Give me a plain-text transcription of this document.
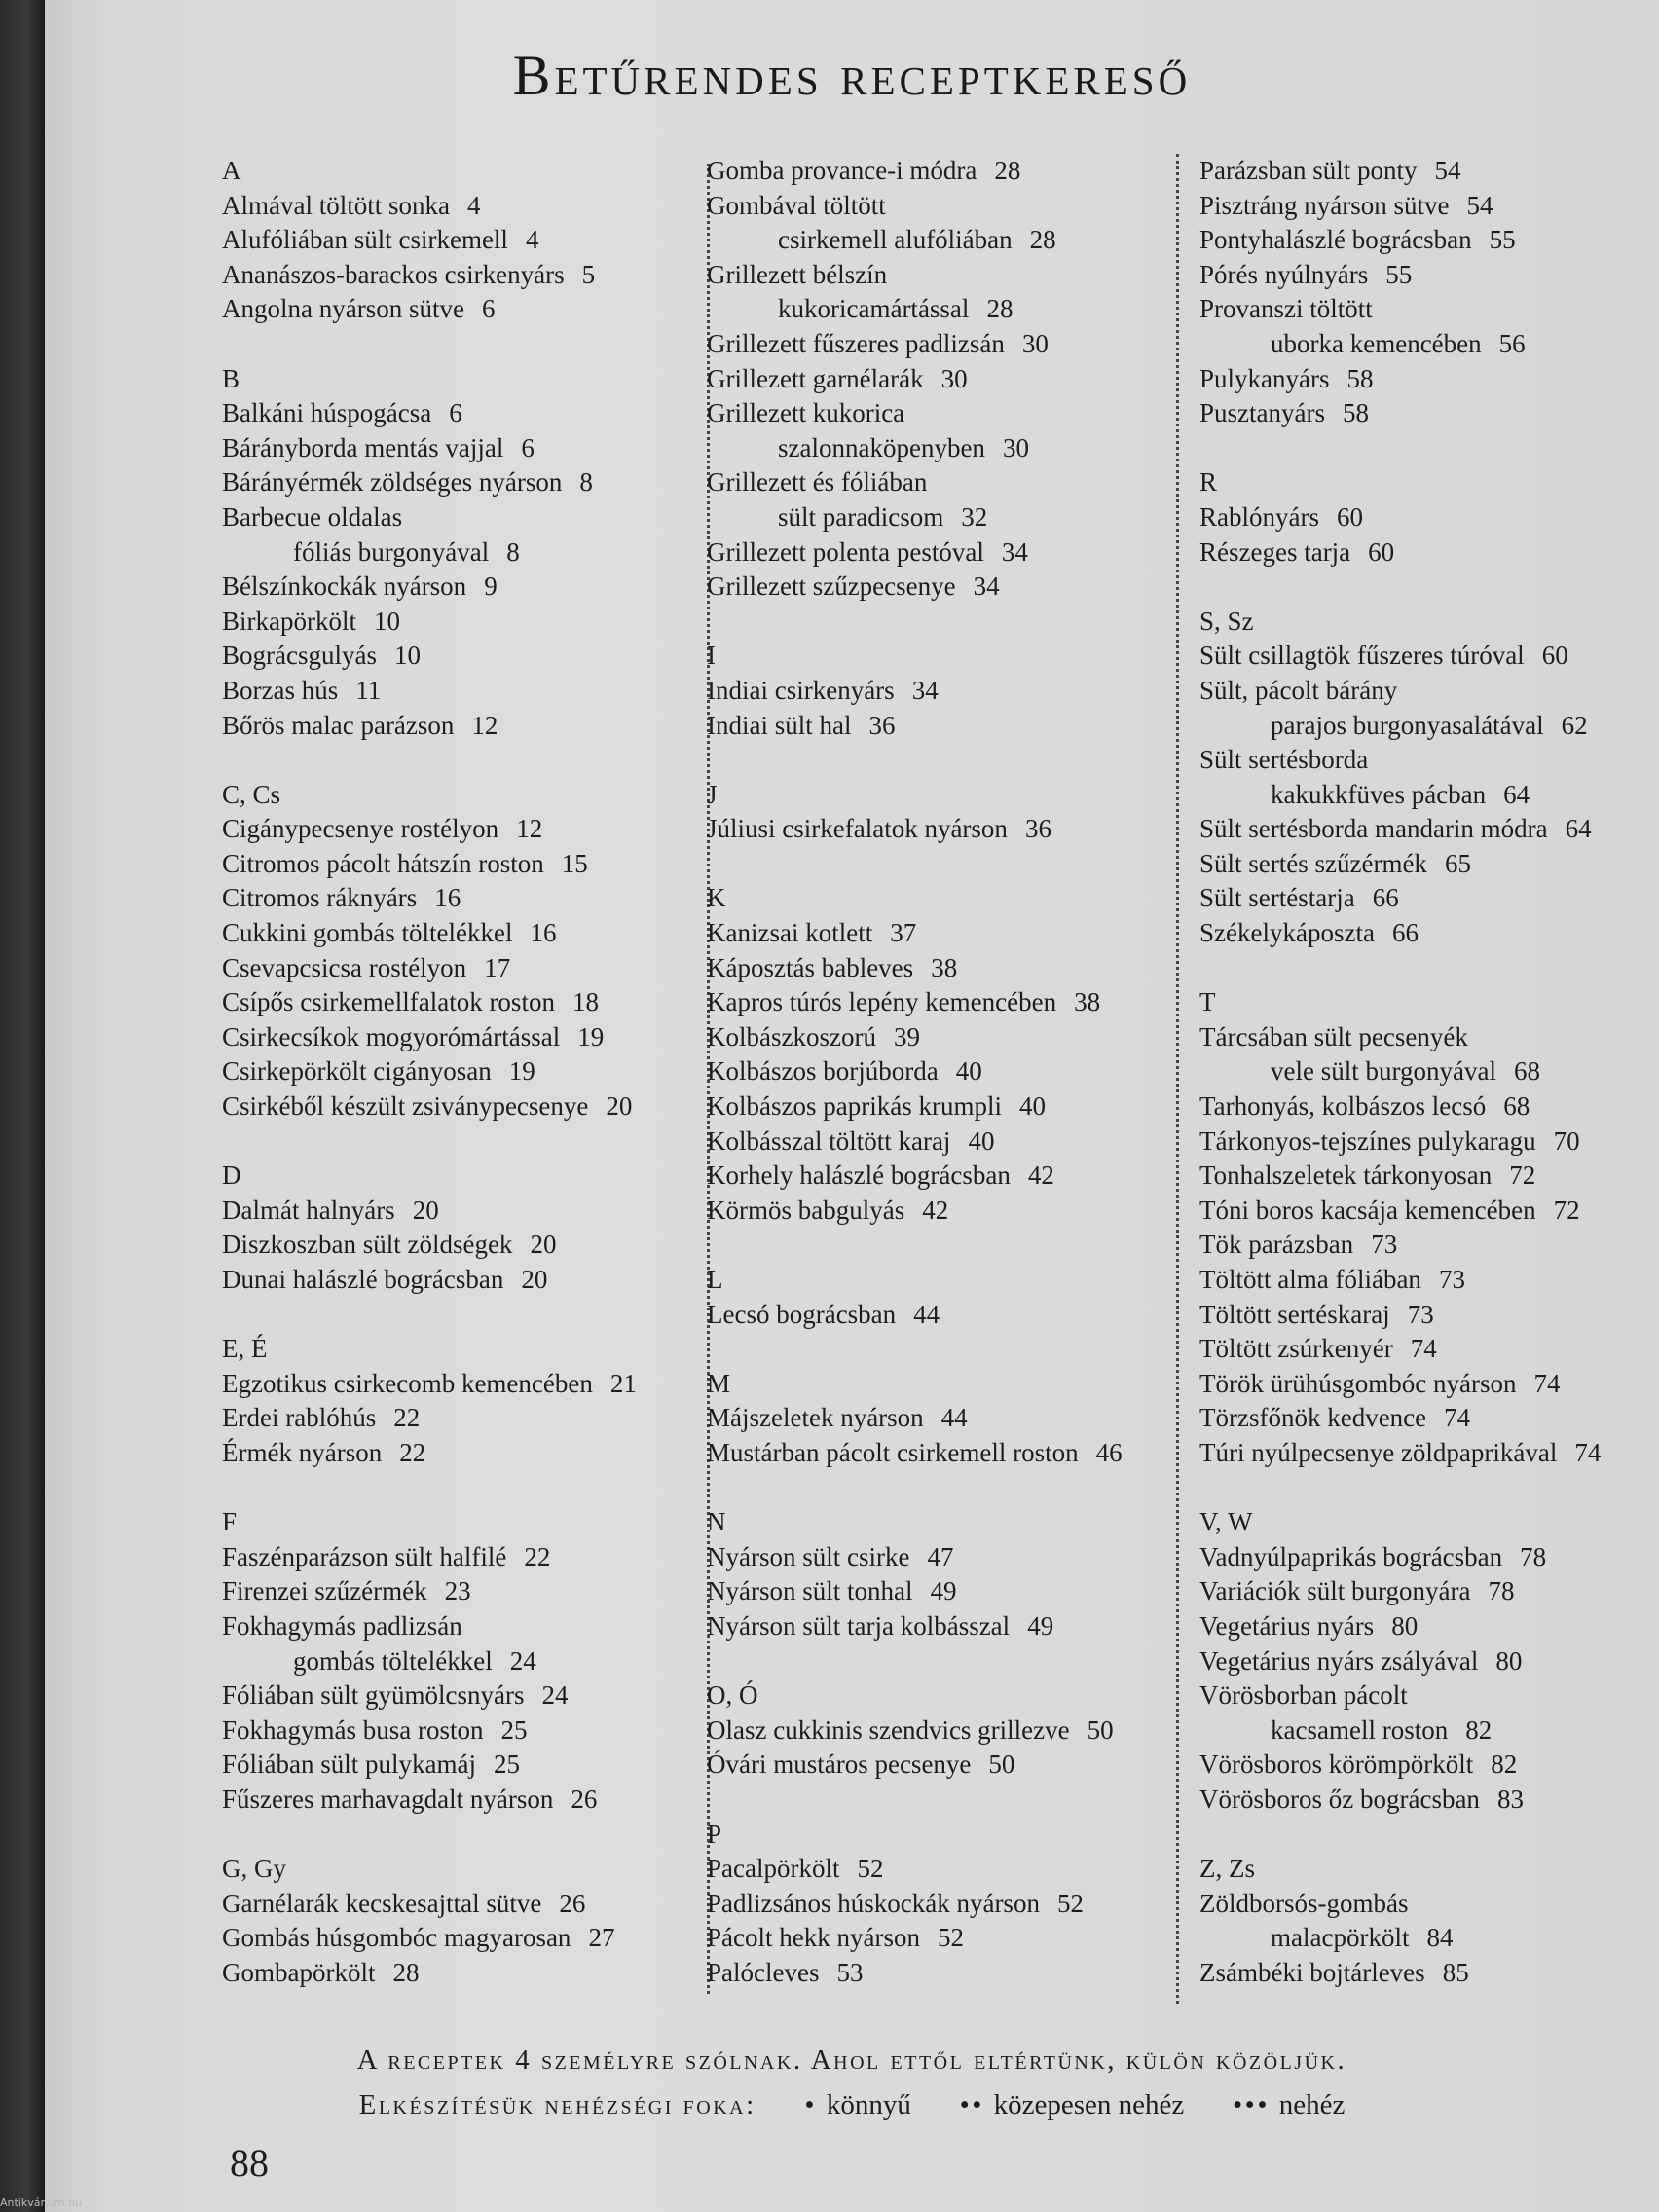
Betűrendes receptkereső
A
Almával töltött sonka 4
Alufóliában sült csirkemell 4
Ananászos-barackos csirkenyárs 5
Angolna nyárson sütve 6
B
Balkáni húspogácsa 6
Báránybordа mentás vajjal 6
Bárányérmék zöldséges nyárson 8
Barbecue oldalas
fóliás burgonyával 8
Bélszínkockák nyárson 9
Birkapörkölt 10
Bográcsgulyás 10
Borzas hús 11
Bőrös malac parázson 12
C, Cs
Cigánypecsenye rostélyon 12
Citromos pácolt hátszín roston 15
Citromos ráknyárs 16
Cukkini gombás töltelékkel 16
Csevapcsicsa rostélyon 17
Csípős csirkemellfalatok roston 18
Csirkecsíkok mogyorómártással 19
Csirkepörkölt cigányosan 19
Csirkéből készült zsiványpecsenye 20
D
Dalmát halnyárs 20
Diszkoszban sült zöldségek 20
Dunai halászlé bográcsban 20
E, É
Egzotikus csirkecomb kemencében 21
Erdei rablóhús 22
Érmék nyárson 22
F
Faszénparázson sült halfilé 22
Firenzei szűzérmék 23
Fokhagymás padlizsán
gombás töltelékkel 24
Fóliában sült gyümölcsnyárs 24
Fokhagymás busa roston 25
Fóliában sült pulykamáj 25
Fűszeres marhavagdalt nyárson 26
G, Gy
Garnélarák kecskesajttal sütve 26
Gombás húsgombóc magyarosan 27
Gombapörkölt 28
Gomba provance-i módra 28
Gombával töltött
csirkemell alufóliában 28
Grillezett bélszín
kukoricamártással 28
Grillezett fűszeres padlizsán 30
Grillezett garnélarák 30
Grillezett kukorica
szalonnaköpenyben 30
Grillezett és fóliában
sült paradicsom 32
Grillezett polenta pestóval 34
Grillezett szűzpecsenye 34
I
Indiai csirkenyárs 34
Indiai sült hal 36
J
Júliusi csirkefalatok nyárson 36
K
Kanizsai kotlett 37
Káposztás bableves 38
Kapros túrós lepény kemencében 38
Kolbászkoszorú 39
Kolbászos borjúborda 40
Kolbászos paprikás krumpli 40
Kolbásszal töltött karaj 40
Korhely halászlé bográcsban 42
Körmös babgulyás 42
L
Lecsó bográcsban 44
M
Májszeletek nyárson 44
Mustárban pácolt csirkemell roston 46
N
Nyárson sült csirke 47
Nyárson sült tonhal 49
Nyárson sült tarja kolbásszal 49
O, Ó
Olasz cukkinis szendvics grillezve 50
Óvári mustáros pecsenye 50
P
Pacalpörkölt 52
Padlizsános húskockák nyárson 52
Pácolt hekk nyárson 52
Palócleves 53
Parázsban sült ponty 54
Pisztráng nyárson sütve 54
Pontyhalászlé bográcsban 55
Pórés nyúlnyárs 55
Provanszi töltött
uborka kemencében 56
Pulykanyárs 58
Pusztanyárs 58
R
Rablónyárs 60
Részeges tarja 60
S, Sz
Sült csillagtök fűszeres túróval 60
Sült, pácolt bárány
parajos burgonyasalátával 62
Sült sertésborda
kakukkfüves pácban 64
Sült sertésborda mandarin módra 64
Sült sertés szűzérmék 65
Sült sertéstarja 66
Székelykáposzta 66
T
Tárcsában sült pecsenyék
vele sült burgonyával 68
Tarhonyás, kolbászos lecsó 68
Tárkonyos-tejszínes pulykaragu 70
Tonhalszeletek tárkonyosan 72
Tóni boros kacsája kemencében 72
Tök parázsban 73
Töltött alma fóliában 73
Töltött sertéskaraj 73
Töltött zsúrkenyér 74
Török ürühúsgombóc nyárson 74
Törzsfőnök kedvence 74
Túri nyúlpecsenye zöldpaprikával 74
V, W
Vadnyúlpaprikás bográcsban 78
Variációk sült burgonyára 78
Vegetárius nyárs 80
Vegetárius nyárs zsályával 80
Vörösborban pácolt
kacsamell roston 82
Vörösboros körömpörkölt 82
Vörösboros őz bográcsban 83
Z, Zs
Zöldborsós-gombás
malacpörkölt 84
Zsámbéki bojtárleves 85
A receptek 4 személyre szólnak. Ahol ettől eltértünk, külön közöljük.
Elkészítésük nehézségi foka: • könnyű •• közepesen nehéz ••• nehéz
88
Antikvárium.hu
